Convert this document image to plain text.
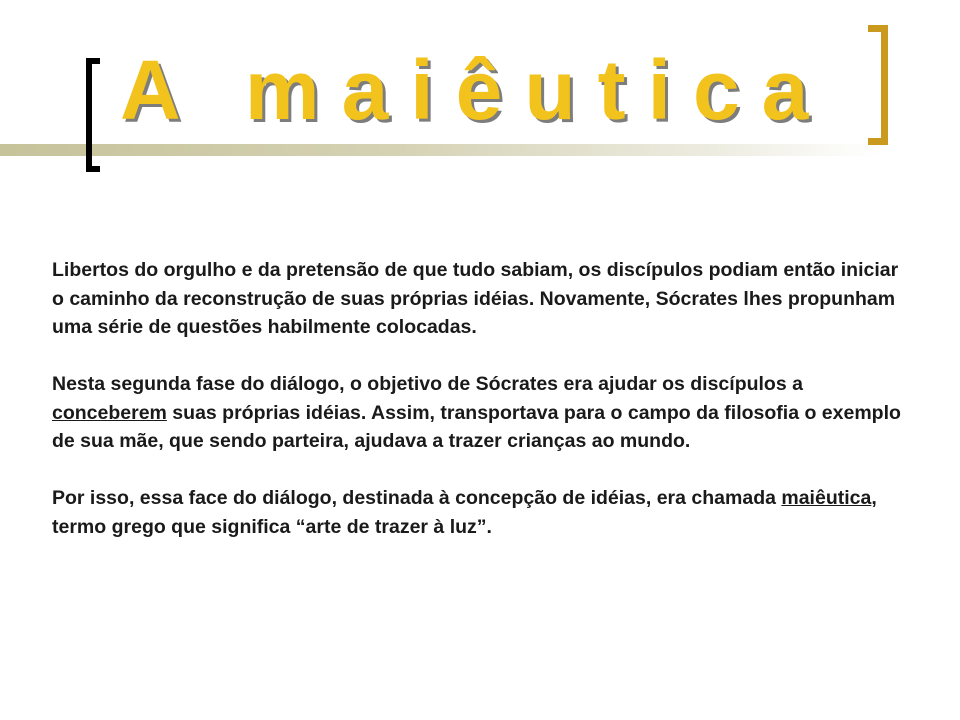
A maiêutica

Libertos do orgulho e da pretensão de que tudo sabiam, os discípulos podiam então iniciar o caminho da reconstrução de suas próprias idéias. Novamente, Sócrates lhes propunham uma série de questões habilmente colocadas.

Nesta segunda fase do diálogo, o objetivo de Sócrates era ajudar os discípulos a conceberem suas próprias idéias. Assim, transportava para o campo da filosofia o exemplo de sua mãe, que sendo parteira, ajudava a trazer crianças ao mundo.

Por isso, essa face do diálogo, destinada à concepção de idéias, era chamada maiêutica, termo grego que significa “arte de trazer à luz”.
